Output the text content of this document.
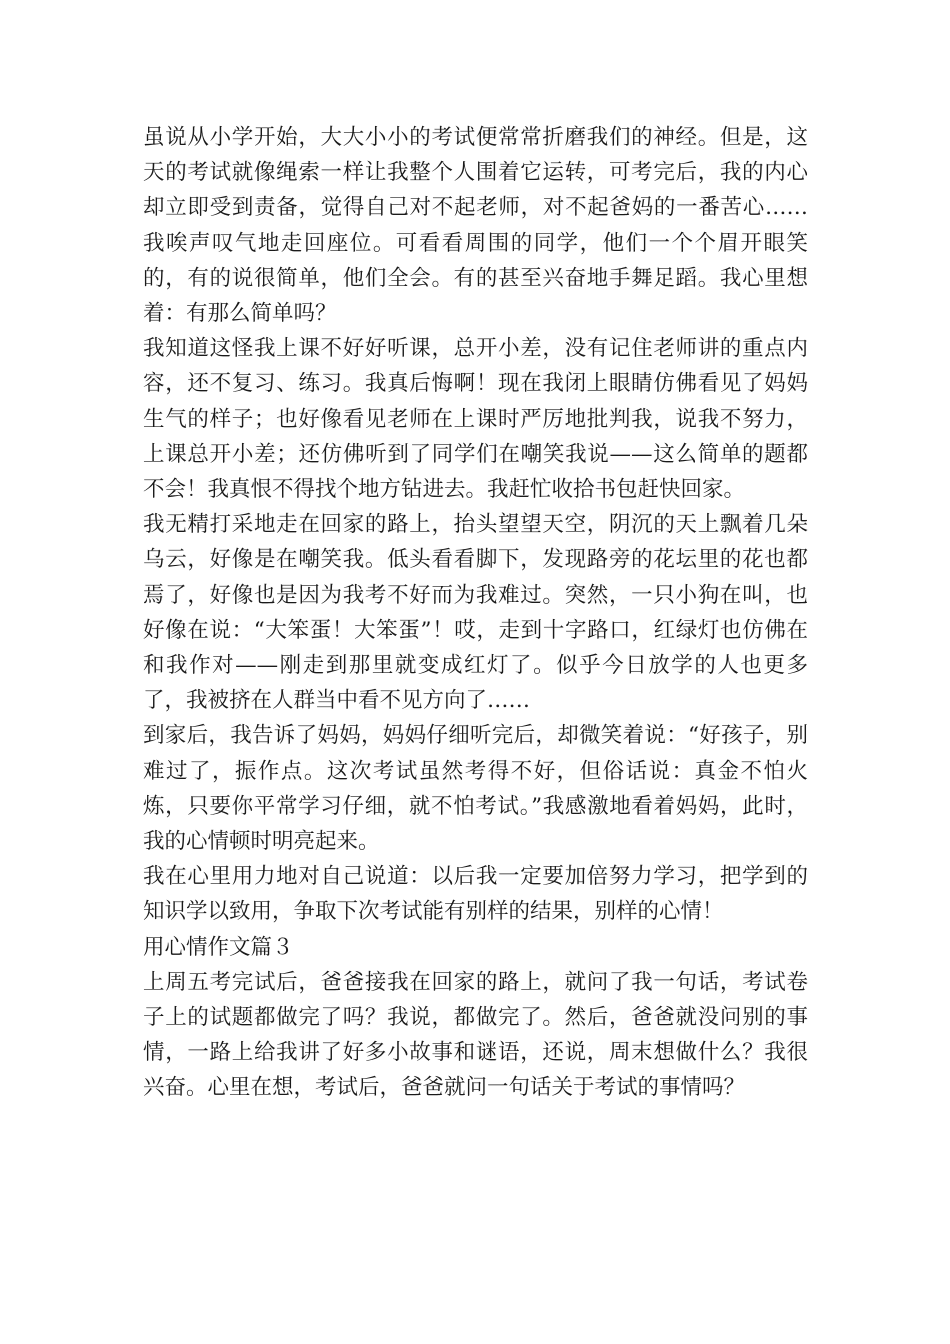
虽说从小学开始，大大小小的考试便常常折磨我们的神经。但是，这天的考试就像绳索一样让我整个人围着它运转，可考完后，我的内心却立即受到责备，觉得自己对不起老师，对不起爸妈的一番苦心……我唉声叹气地走回座位。可看看周围的同学，他们一个个眉开眼笑的，有的说很简单，他们全会。有的甚至兴奋地手舞足蹈。我心里想着：有那么简单吗？

我知道这怪我上课不好好听课，总开小差，没有记住老师讲的重点内容，还不复习、练习。我真后悔啊！现在我闭上眼睛仿佛看见了妈妈生气的样子；也好像看见老师在上课时严厉地批判我，说我不努力，上课总开小差；还仿佛听到了同学们在嘲笑我说——这么简单的题都不会！我真恨不得找个地方钻进去。我赶忙收拾书包赶快回家。

我无精打采地走在回家的路上，抬头望望天空，阴沉的天上飘着几朵乌云，好像是在嘲笑我。低头看看脚下，发现路旁的花坛里的花也都焉了，好像也是因为我考不好而为我难过。突然，一只小狗在叫，也好像在说：“大笨蛋！大笨蛋”！哎，走到十字路口，红绿灯也仿佛在和我作对——刚走到那里就变成红灯了。似乎今日放学的人也更多了，我被挤在人群当中看不见方向了……

到家后，我告诉了妈妈，妈妈仔细听完后，却微笑着说：“好孩子，别难过了，振作点。这次考试虽然考得不好，但俗话说：真金不怕火炼，只要你平常学习仔细，就不怕考试。”我感激地看着妈妈，此时，我的心情顿时明亮起来。

我在心里用力地对自己说道：以后我一定要加倍努力学习，把学到的知识学以致用，争取下次考试能有别样的结果，别样的心情！

用心情作文篇３

上周五考完试后，爸爸接我在回家的路上，就问了我一句话，考试卷子上的试题都做完了吗？我说，都做完了。然后，爸爸就没问别的事情，一路上给我讲了好多小故事和谜语，还说，周末想做什么？我很兴奋。心里在想，考试后，爸爸就问一句话关于考试的事情吗？
